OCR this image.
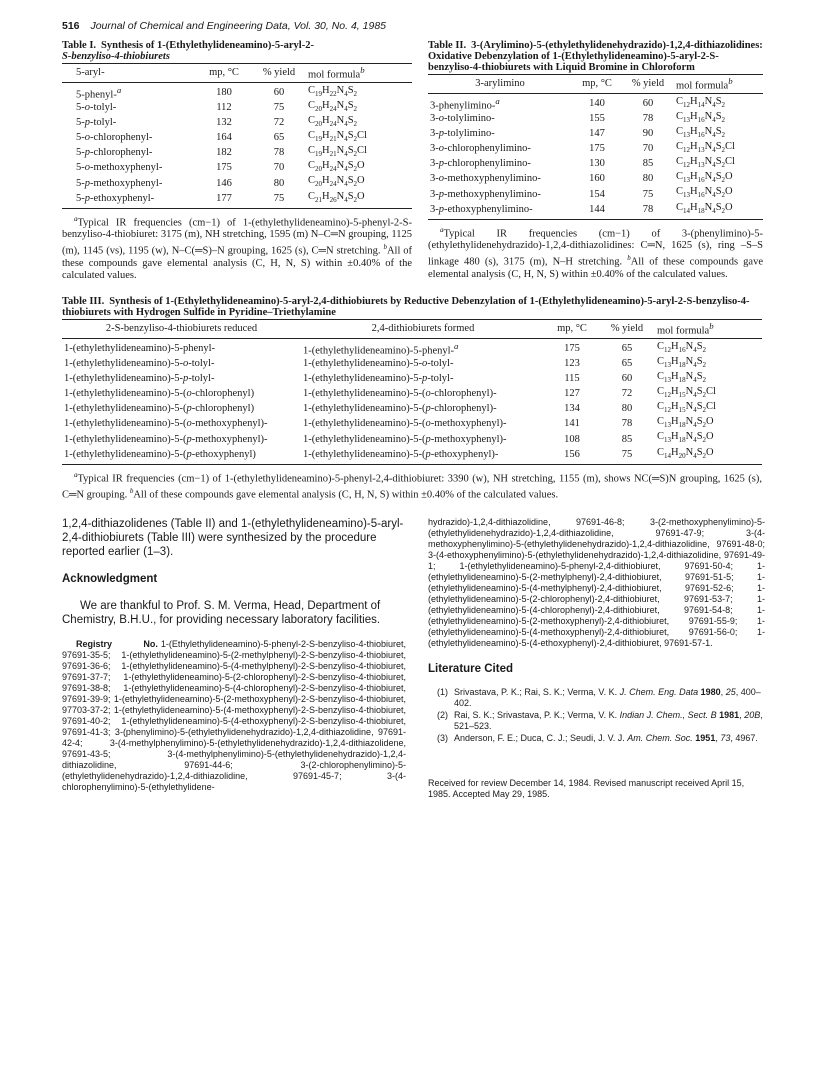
516 Journal of Chemical and Engineering Data, Vol. 30, No. 4, 1985
Table I. Synthesis of 1-(Ethylethylideneamino)-5-aryl-2-
S-benzyliso-4-thiobiurets
5-aryl-	mp, °C	% yield	mol formula$^b$
5-phenyl-$^a$	180	60	$C_{19}H_{22}N_4S_2$
5-o-tolyl-	112	75	$C_{20}H_{24}N_4S_2$
5-p-tolyl-	132	72	$C_{20}H_{24}N_4S_2$
5-o-chlorophenyl-	164	65	$C_{19}H_{21}N_4S_2Cl$
5-p-chlorophenyl-	182	78	$C_{19}H_{21}N_4S_2Cl$
5-o-methoxyphenyl-	175	70	$C_{20}H_{24}N_4S_2O$
5-p-methoxyphenyl-	146	80	$C_{20}H_{24}N_4S_2O$
5-p-ethoxyphenyl-	177	75	$C_{21}H_{26}N_4S_2O$
$^a$Typical IR frequencies (cm−1) of 1-(ethylethylideneamino)-5-phenyl-2-S-benzyliso-4-thiobiuret: 3175 (m), NH stretching, 1595 (m) N–C═N grouping, 1125 (m), 1145 (vs), 1195 (w), N–C(═S)–N grouping, 1625 (s), C═N stretching. $^b$All of these compounds gave elemental analysis (C, H, N, S) within ±0.40% of the calculated values.
Table II. 3-(Arylimino)-5-(ethylethylidenehydrazido)-1,2,4-dithiazolidines: Oxidative Debenzylation of 1-(Ethylethylideneamino)-5-aryl-2-S-benzyliso-4-thiobiurets with Liquid Bromine in Chloroform
3-arylimino	mp, °C	% yield	mol formula$^b$
3-phenylimino-$^a$	140	60	$C_{12}H_{14}N_4S_2$
3-o-tolylimino-	155	78	$C_{13}H_{16}N_4S_2$
3-p-tolylimino-	147	90	$C_{13}H_{16}N_4S_2$
3-o-chlorophenylimino-	175	70	$C_{12}H_{13}N_4S_2Cl$
3-p-chlorophenylimino-	130	85	$C_{12}H_{13}N_4S_2Cl$
3-o-methoxyphenylimino-	160	80	$C_{13}H_{16}N_4S_2O$
3-p-methoxyphenylimino-	154	75	$C_{13}H_{16}N_4S_2O$
3-p-ethoxyphenylimino-	144	78	$C_{14}H_{18}N_4S_2O$
$^a$Typical IR frequencies (cm−1) of 3-(phenylimino)-5-(ethylethylidenehydrazido)-1,2,4-dithiazolidines: C═N, 1625 (s), ring –S–S linkage 480 (s), 3175 (m), N–H stretching. $^b$All of these compounds gave elemental analysis (C, H, N, S) within ±0.40% of the calculated values.
Table III. Synthesis of 1-(Ethylethylideneamino)-5-aryl-2,4-dithiobiurets by Reductive Debenzylation of 1-(Ethylethylideneamino)-5-aryl-2-S-benzyliso-4-thiobiurets with Hydrogen Sulfide in Pyridine–Triethylamine
2-S-benzyliso-4-thiobiurets reduced	2,4-dithiobiurets formed	mp, °C	% yield	mol formula$^b$
1-(ethylethylideneamino)-5-phenyl-	1-(ethylethylideneamino)-5-phenyl-$^a$	175	65	$C_{12}H_{16}N_4S_2$
1-(ethylethylideneamino)-5-o-tolyl-	1-(ethylethylideneamino)-5-o-tolyl-	123	65	$C_{13}H_{18}N_4S_2$
1-(ethylethylideneamino)-5-p-tolyl-	1-(ethylethylideneamino)-5-p-tolyl-	115	60	$C_{13}H_{18}N_4S_2$
1-(ethylethylideneamino)-5-(o-chlorophenyl)	1-(ethylethylideneamino)-5-(o-chlorophenyl)-	127	72	$C_{12}H_{15}N_4S_2Cl$
1-(ethylethylideneamino)-5-(p-chlorophenyl)	1-(ethylethylideneamino)-5-(p-chlorophenyl)-	134	80	$C_{12}H_{15}N_4S_2Cl$
1-(ethylethylideneamino)-5-(o-methoxyphenyl)-	1-(ethylethylideneamino)-5-(o-methoxyphenyl)-	141	78	$C_{13}H_{18}N_4S_2O$
1-(ethylethylideneamino)-5-(p-methoxyphenyl)-	1-(ethylethylideneamino)-5-(p-methoxyphenyl)-	108	85	$C_{13}H_{18}N_4S_2O$
1-(ethylethylideneamino)-5-(p-ethoxyphenyl)	1-(ethylethylideneamino)-5-(p-ethoxyphenyl)-	156	75	$C_{14}H_{20}N_4S_2O$
$^a$Typical IR frequencies (cm−1) of 1-(ethylethylideneamino)-5-phenyl-2,4-dithiobiuret: 3390 (w), NH stretching, 1155 (m), shows NC(═S)N grouping, 1625 (s), C═N grouping. $^b$All of these compounds gave elemental analysis (C, H, N, S) within ±0.40% of the calculated values.

1,2,4-dithiazolidenes (Table II) and 1-(ethylethylideneamino)-5-aryl-2,4-dithiobiurets (Table III) were synthesized by the procedure reported earlier (1–3).

Acknowledgment

We are thankful to Prof. S. M. Verma, Head, Department of Chemistry, B.H.U., for providing necessary laboratory facilities.

Registry No. 1-(Ethylethylideneamino)-5-phenyl-2-S-benzyliso-4-thiobiuret, 97691-35-5; 1-(ethylethylideneamino)-5-(2-methylphenyl)-2-S-benzyliso-4-thiobiuret, 97691-36-6; 1-(ethylethylideneamino)-5-(4-methylphenyl)-2-S-benzyliso-4-thiobiuret, 97691-37-7; 1-(ethylethylideneamino)-5-(2-chlorophenyl)-2-S-benzyliso-4-thiobiuret, 97691-38-8; 1-(ethylethylideneamino)-5-(4-chlorophenyl)-2-S-benzyliso-4-thiobiuret, 97691-39-9; 1-(ethylethylideneamino)-5-(2-methoxyphenyl)-2-S-benzyliso-4-thiobiuret, 97703-37-2; 1-(ethylethylideneamino)-5-(4-methoxyphenyl)-2-S-benzyliso-4-thiobiuret, 97691-40-2; 1-(ethylethylideneamino)-5-(4-ethoxyphenyl)-2-S-benzyliso-4-thiobiuret, 97691-41-3; 3-(phenylimino)-5-(ethylethylidenehydrazido)-1,2,4-dithiazolidine, 97691-42-4; 3-(4-methylphenylimino)-5-(ethylethylidenehydrazido)-1,2,4-dithiazolidene, 97691-43-5; 3-(4-methylphenylimino)-5-(ethylethylidenehydrazido)-1,2,4-dithiazolidine, 97691-44-6; 3-(2-chlorophenylimino)-5-(ethylethylidenehydrazido)-1,2,4-dithiazolidine, 97691-45-7; 3-(4-chlorophenylimino)-5-(ethylethylidene-

hydrazido)-1,2,4-dithiazolidine, 97691-46-8; 3-(2-methoxyphenylimino)-5-(ethylethylidenehydrazido)-1,2,4-dithiazolidine, 97691-47-9; 3-(4-methoxyphenylimino)-5-(ethylethylidenehydrazido)-1,2,4-dithiazolidine, 97691-48-0; 3-(4-ethoxyphenylimino)-5-(ethylethylidenehydrazido)-1,2,4-dithiazolidine, 97691-49-1; 1-(ethylethylideneamino)-5-phenyl-2,4-dithiobiuret, 97691-50-4; 1-(ethylethylideneamino)-5-(2-methylphenyl)-2,4-dithiobiuret, 97691-51-5; 1-(ethylethylideneamino)-5-(4-methylphenyl)-2,4-dithiobiuret, 97691-52-6; 1-(ethylethylideneamino)-5-(2-chlorophenyl)-2,4-dithiobiuret, 97691-53-7; 1-(ethylethylideneamino)-5-(4-chlorophenyl)-2,4-dithiobiuret, 97691-54-8; 1-(ethylethylideneamino)-5-(2-methoxyphenyl)-2,4-dithiobiuret, 97691-55-9; 1-(ethylethylideneamino)-5-(4-methoxyphenyl)-2,4-dithiobiuret, 97691-56-0; 1-(ethylethylideneamino)-5-(4-ethoxyphenyl)-2,4-dithiobiuret, 97691-57-1.

Literature Cited
(1) Srivastava, P. K.; Rai, S. K.; Verma, V. K. J. Chem. Eng. Data 1980, 25, 400–402.
(2) Rai, S. K.; Srivastava, P. K.; Verma, V. K. Indian J. Chem., Sect. B 1981, 20B, 521–523.
(3) Anderson, F. E.; Duca, C. J.; Seudi, J. V. J. Am. Chem. Soc. 1951, 73, 4967.

Received for review December 14, 1984. Revised manuscript received April 15, 1985. Accepted May 29, 1985.
